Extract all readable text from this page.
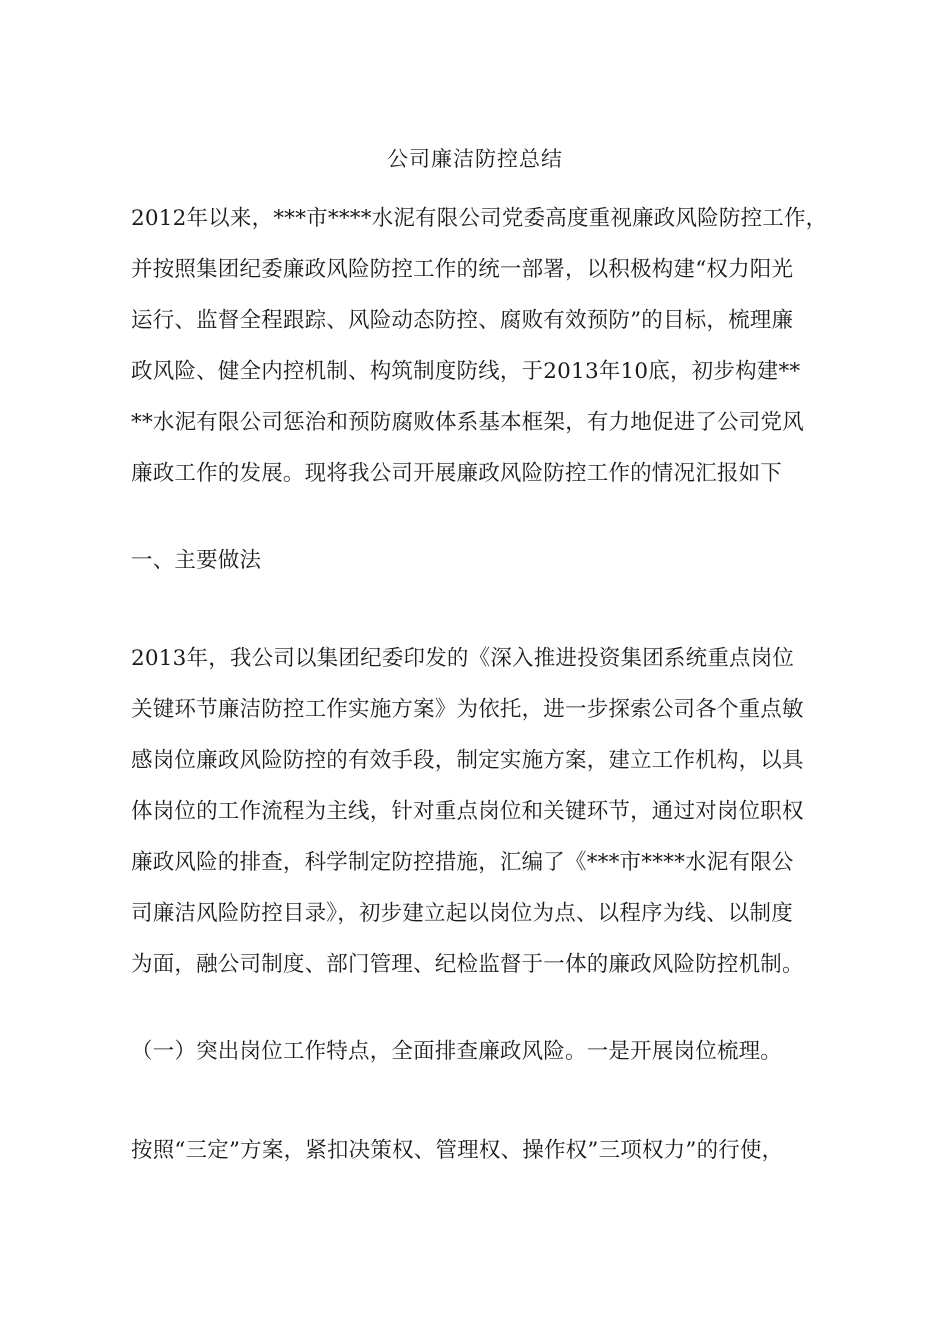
公司廉洁防控总结
2012年以来，***市****水泥有限公司党委高度重视廉政风险防控工作，
并按照集团纪委廉政风险防控工作的统一部署，以积极构建“权力阳光
运行、监督全程跟踪、风险动态防控、腐败有效预防”的目标，梳理廉
政风险、健全内控机制、构筑制度防线，于2013年10底，初步构建**
**水泥有限公司惩治和预防腐败体系基本框架，有力地促进了公司党风
廉政工作的发展。现将我公司开展廉政风险防控工作的情况汇报如下
一、主要做法
2013年，我公司以集团纪委印发的《深入推进投资集团系统重点岗位
关键环节廉洁防控工作实施方案》为依托，进一步探索公司各个重点敏
感岗位廉政风险防控的有效手段，制定实施方案，建立工作机构，以具
体岗位的工作流程为主线，针对重点岗位和关键环节，通过对岗位职权
廉政风险的排查，科学制定防控措施，汇编了《***市****水泥有限公
司廉洁风险防控目录》，初步建立起以岗位为点、以程序为线、以制度
为面，融公司制度、部门管理、纪检监督于一体的廉政风险防控机制。
（一）突出岗位工作特点，全面排查廉政风险。一是开展岗位梳理。
按照“三定”方案，紧扣决策权、管理权、操作权”三项权力”的行使，
